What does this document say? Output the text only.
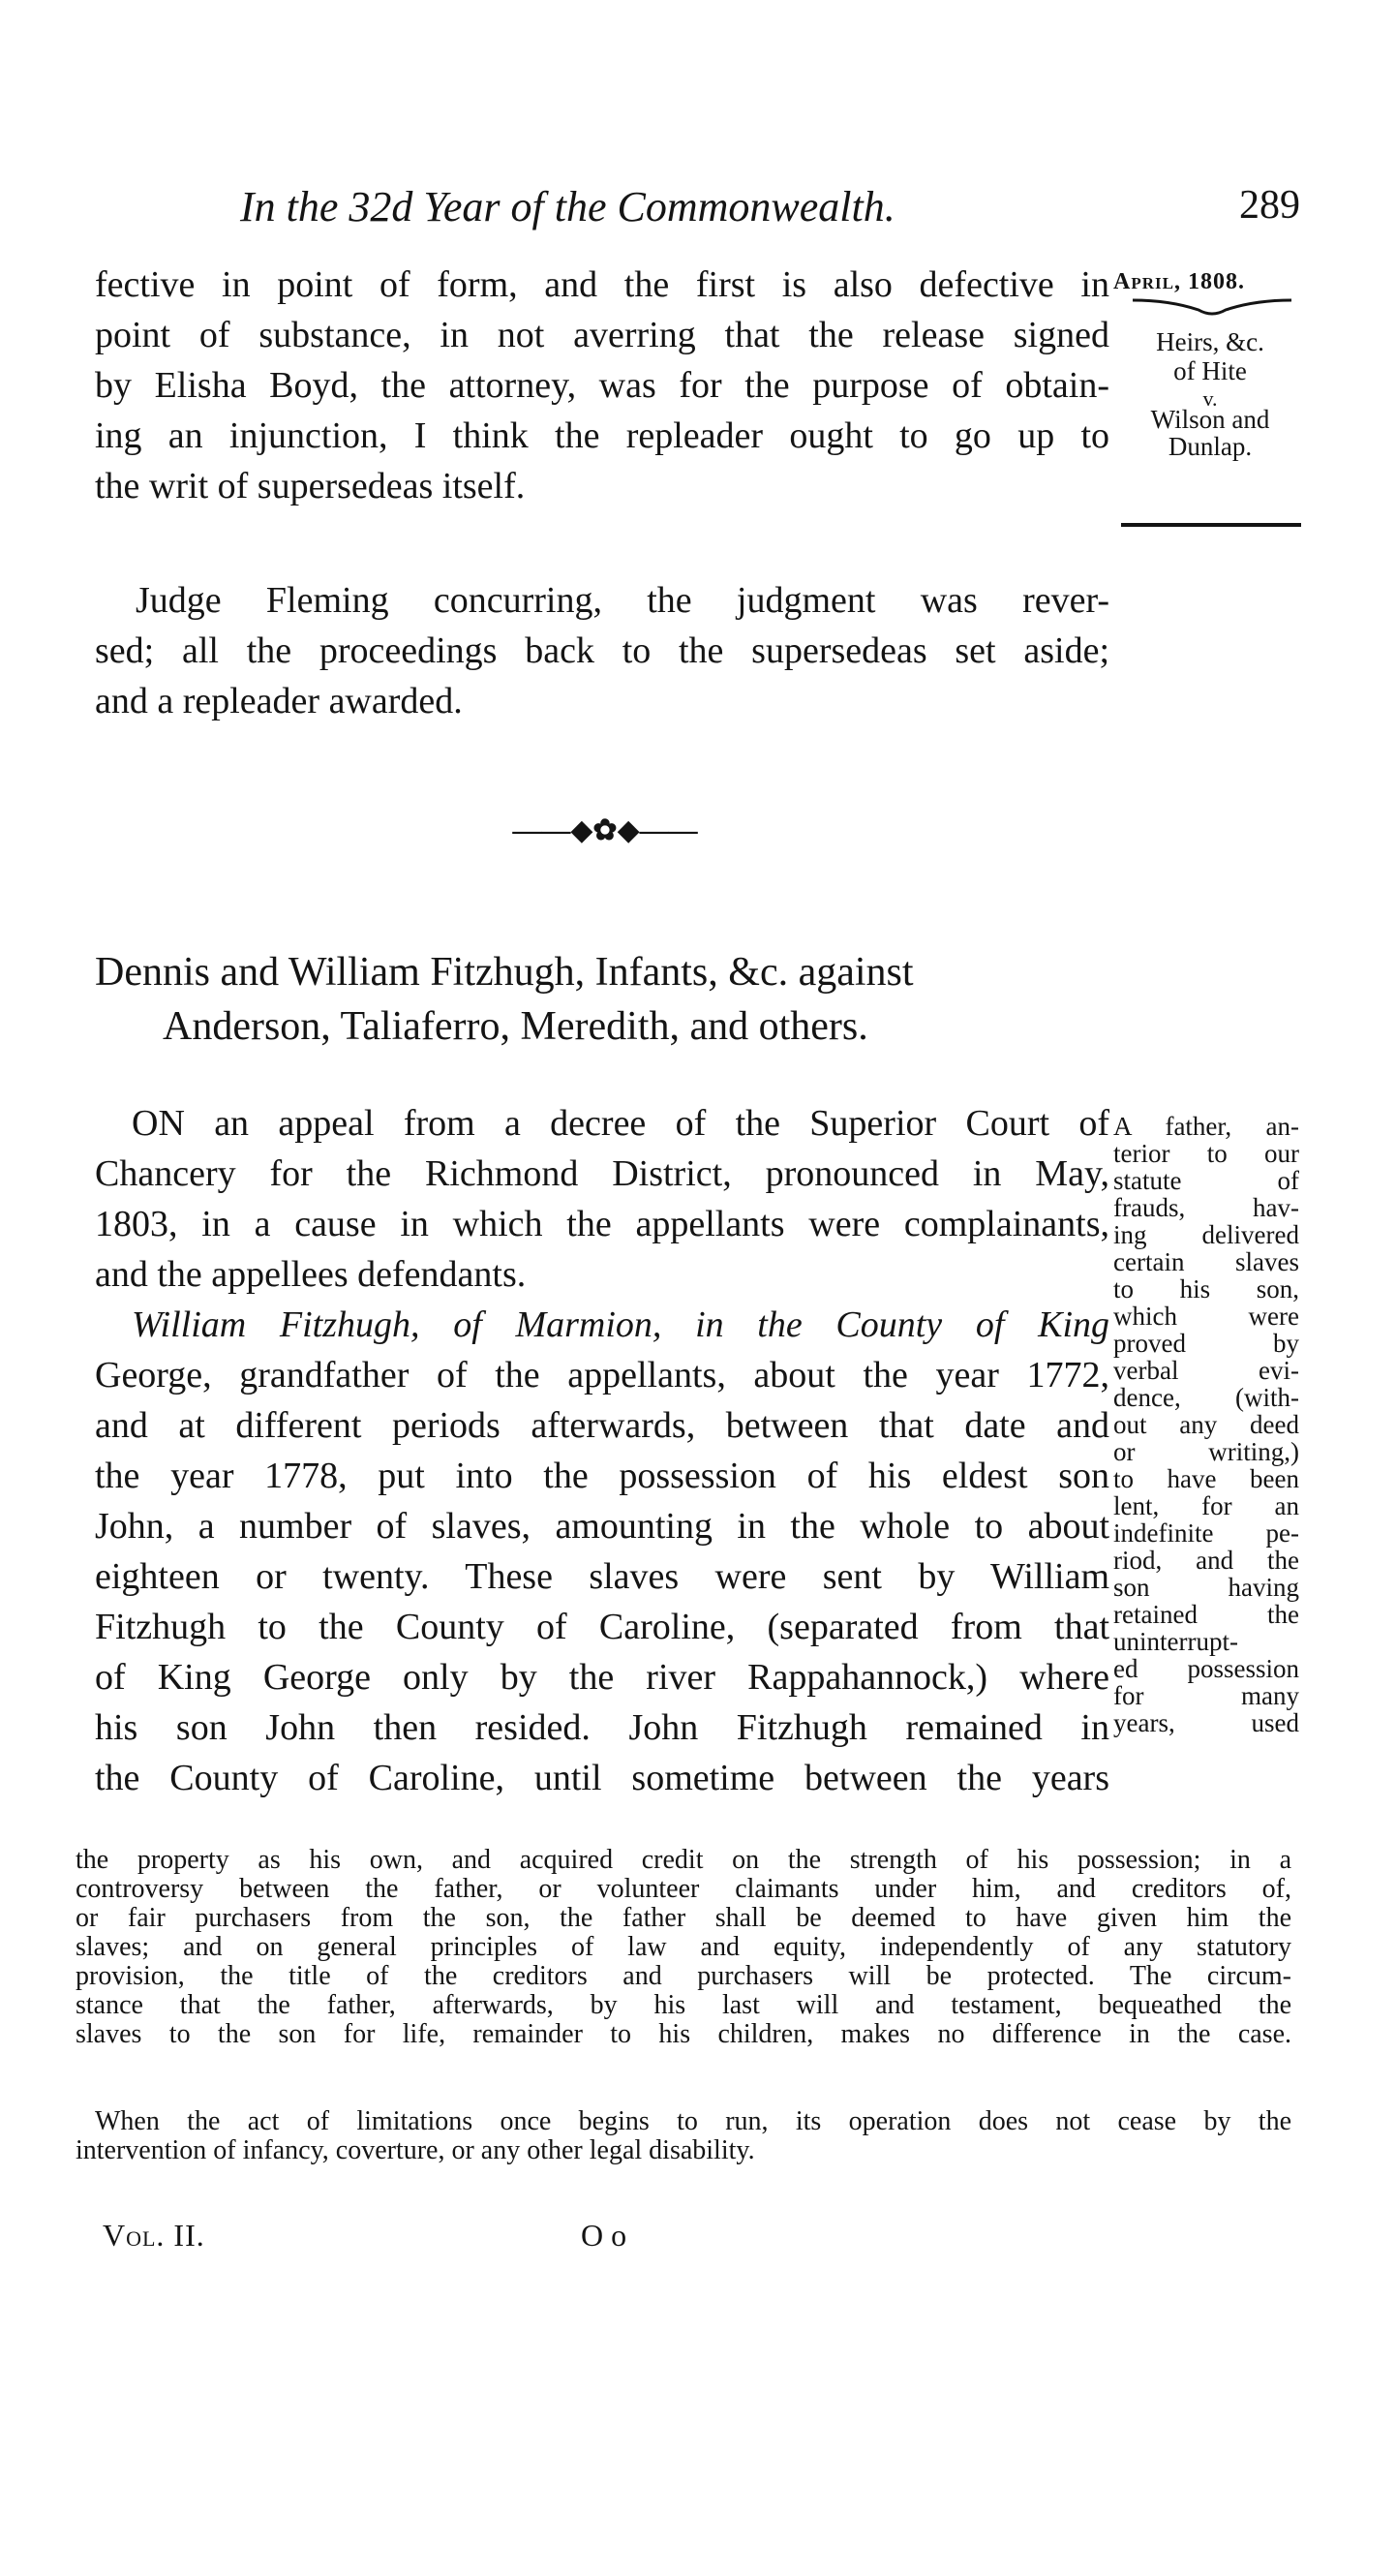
In the 32d Year of the Commonwealth.	289
April, 1808.
Heirs, &c.
of Hite
v.
Wilson and
Dunlap.
fective in point of form, and the first is also defective in
point of substance, in not averring that the release signed
by Elisha Boyd, the attorney, was for the purpose of obtain-
ing an injunction, I think the repleader ought to go up to
the writ of supersedeas itself.
Judge Fleming concurring, the judgment was rever-
sed; all the proceedings back to the supersedeas set aside;
and a repleader awarded.
——◆✿◆——
Dennis and William Fitzhugh, Infants, &c. against
Anderson, Taliaferro, Meredith, and others.
ON an appeal from a decree of the Superior Court of
Chancery for the Richmond District, pronounced in May,
1803, in a cause in which the appellants were complainants,
and the appellees defendants.
William Fitzhugh, of Marmion, in the County of King
George, grandfather of the appellants, about the year 1772,
and at different periods afterwards, between that date and
the year 1778, put into the possession of his eldest son
John, a number of slaves, amounting in the whole to about
eighteen or twenty. These slaves were sent by William
Fitzhugh to the County of Caroline, (separated from that
of King George only by the river Rappahannock,) where
his son John then resided. John Fitzhugh remained in
the County of Caroline, until sometime between the years
A father, an-
terior to our
statute of
frauds, hav-
ing delivered
certain slaves
to his son,
which were
proved by
verbal evi-
dence, (with-
out any deed
or writing,)
to have been
lent, for an
indefinite pe-
riod, and the
son having
retained the
uninterrupt-
ed possession
for many
years, used
the property as his own, and acquired credit on the strength of his possession; in a
controversy between the father, or volunteer claimants under him, and creditors of,
or fair purchasers from the son, the father shall be deemed to have given him the
slaves; and on general principles of law and equity, independently of any statutory
provision, the title of the creditors and purchasers will be protected. The circum-
stance that the father, afterwards, by his last will and testament, bequeathed the
slaves to the son for life, remainder to his children, makes no difference in the case.
When the act of limitations once begins to run, its operation does not cease by the
intervention of infancy, coverture, or any other legal disability.
Vol. II.	O o
